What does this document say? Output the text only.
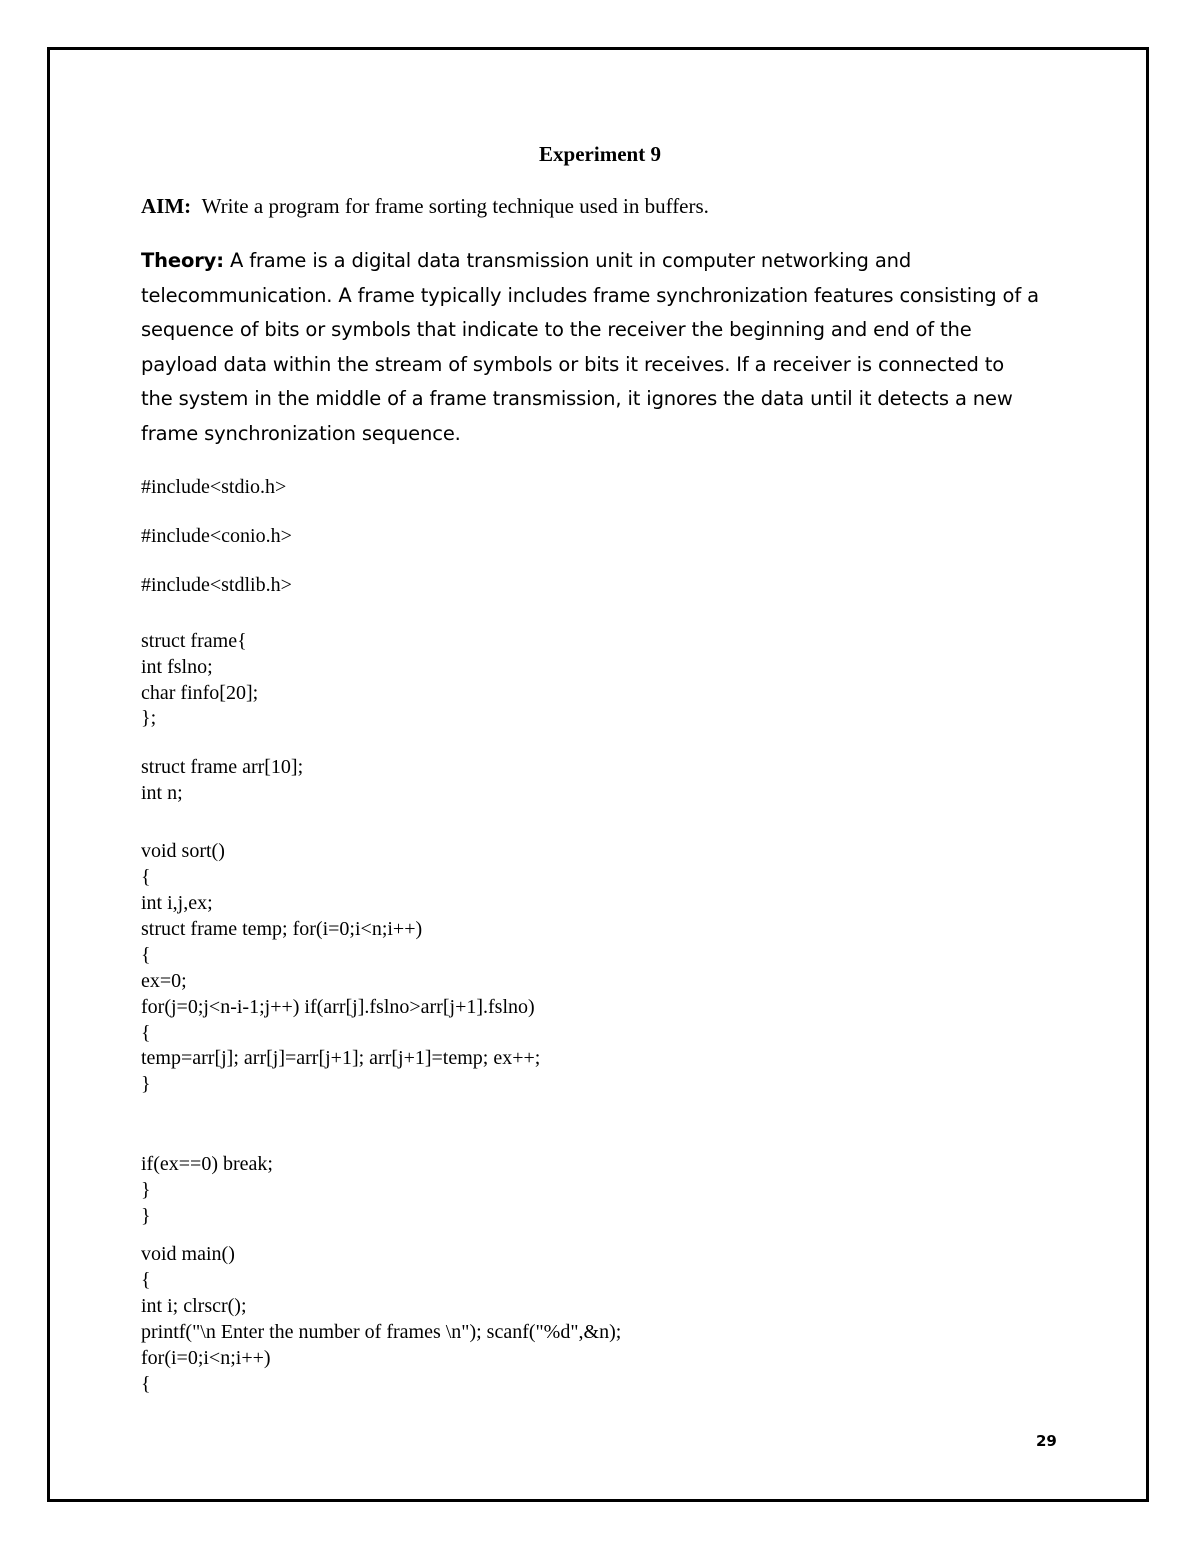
Experiment 9
AIM: Write a program for frame sorting technique used in buffers.
Theory: A frame is a digital data transmission unit in computer networking and
telecommunication. A frame typically includes frame synchronization features consisting of a
sequence of bits or symbols that indicate to the receiver the beginning and end of the
payload data within the stream of symbols or bits it receives. If a receiver is connected to
the system in the middle of a frame transmission, it ignores the data until it detects a new
frame synchronization sequence.
#include<stdio.h>
#include<conio.h>
#include<stdlib.h>
struct frame{
int fslno;
char finfo[20];
};
struct frame arr[10];
int n;
void sort()
{
int i,j,ex;
struct frame temp; for(i=0;i<n;i++)
{
ex=0;
for(j=0;j<n-i-1;j++) if(arr[j].fslno>arr[j+1].fslno)
{
temp=arr[j]; arr[j]=arr[j+1]; arr[j+1]=temp; ex++;
}
if(ex==0) break;
}
}
void main()
{
int i; clrscr();
printf("\n Enter the number of frames \n"); scanf("%d",&n);
for(i=0;i<n;i++)
{
29
